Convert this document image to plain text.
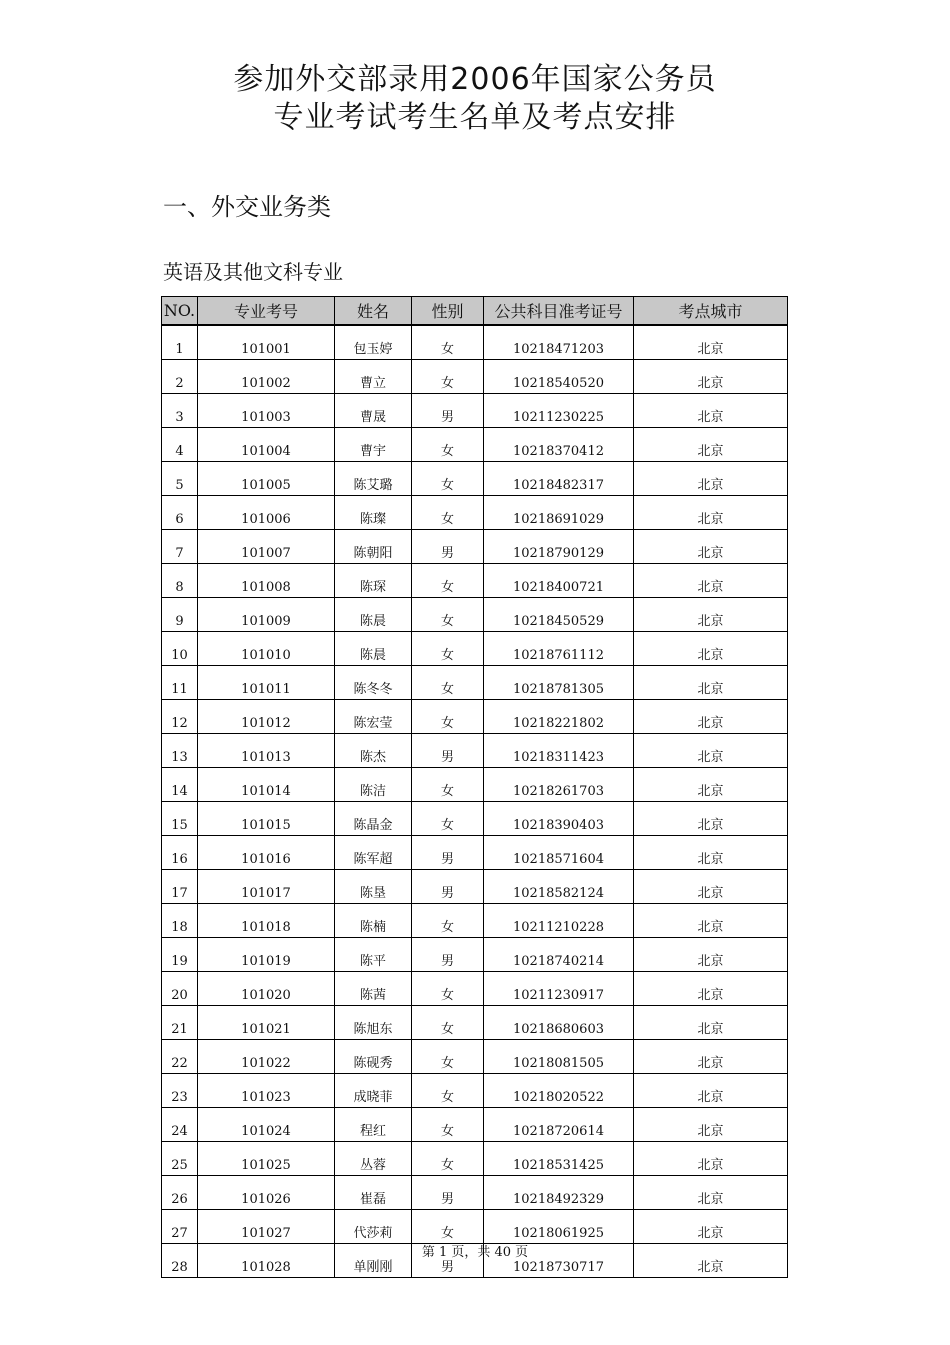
参加外交部录用2006年国家公务员
专业考试考生名单及考点安排
一、外交业务类
英语及其他文科专业
NO.	专业考号	姓名	性别	公共科目准考证号	考点城市
1	101001	包玉婷	女	10218471203	北京
2	101002	曹立	女	10218540520	北京
3	101003	曹晟	男	10211230225	北京
4	101004	曹宇	女	10218370412	北京
5	101005	陈艾璐	女	10218482317	北京
6	101006	陈璨	女	10218691029	北京
7	101007	陈朝阳	男	10218790129	北京
8	101008	陈琛	女	10218400721	北京
9	101009	陈晨	女	10218450529	北京
10	101010	陈晨	女	10218761112	北京
11	101011	陈冬冬	女	10218781305	北京
12	101012	陈宏莹	女	10218221802	北京
13	101013	陈杰	男	10218311423	北京
14	101014	陈洁	女	10218261703	北京
15	101015	陈晶金	女	10218390403	北京
16	101016	陈军超	男	10218571604	北京
17	101017	陈垦	男	10218582124	北京
18	101018	陈楠	女	10211210228	北京
19	101019	陈平	男	10218740214	北京
20	101020	陈茜	女	10211230917	北京
21	101021	陈旭东	女	10218680603	北京
22	101022	陈砚秀	女	10218081505	北京
23	101023	成晓菲	女	10218020522	北京
24	101024	程红	女	10218720614	北京
25	101025	丛蓉	女	10218531425	北京
26	101026	崔磊	男	10218492329	北京
27	101027	代莎莉	女	10218061925	北京
28	101028	单刚刚	男	10218730717	北京
第 1 页，共 40 页
